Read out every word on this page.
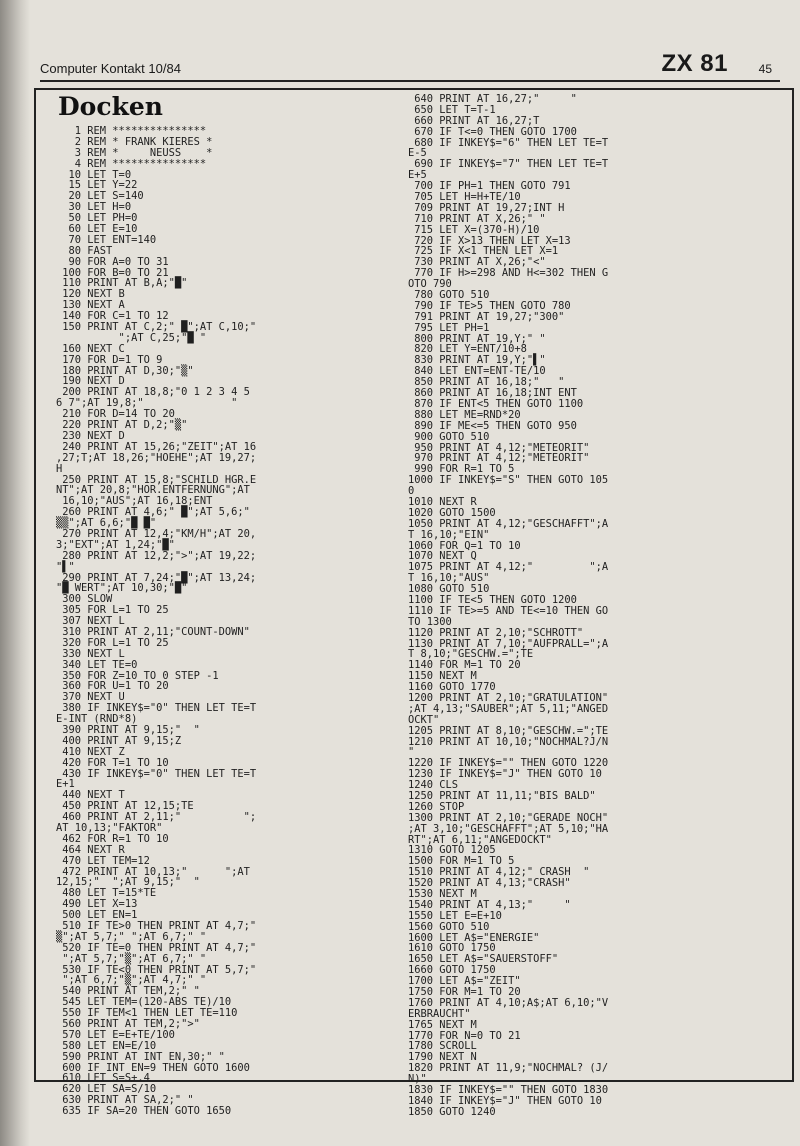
Computer Kontakt 10/84	ZX 81	45
Docken
1 REM ***************
2 REM * FRANK KIERES *
3 REM *     NEUSS    *
4 REM ***************
10 LET T=0
15 LET Y=22
20 LET S=140
30 LET H=0
50 LET PH=0
60 LET E=10
70 LET ENT=140
80 FAST
90 FOR A=0 TO 31
100 FOR B=0 TO 21
110 PRINT AT B,A;"█"
120 NEXT B
130 NEXT A
140 FOR C=1 TO 12
150 PRINT AT C,2;" █";AT C,10;"
";AT C,25;"█ "
160 NEXT C
170 FOR D=1 TO 9
180 PRINT AT D,30;"▒"
190 NEXT D
200 PRINT AT 18,8;"0 1 2 3 4 5
6 7";AT 19,8;"              "
210 FOR D=14 TO 20
220 PRINT AT D,2;"▒"
230 NEXT D
240 PRINT AT 15,26;"ZEIT";AT 16
,27;T;AT 18,26;"HOEHE";AT 19,27;
H
250 PRINT AT 15,8;"SCHILD HGR.E
NT";AT 20,8;"HOR.ENTFERNUNG";AT
16,10;"AUS";AT 16,18;ENT
260 PRINT AT 4,6;" █";AT 5,6;"
▒▒";AT 6,6;"█ █"
270 PRINT AT 12,4;"KM/H";AT 20,
3;"EXT";AT 1,24;"█"
280 PRINT AT 12,2;">";AT 19,22;
"▌"
290 PRINT AT 7,24;"█";AT 13,24;
"█ WERT";AT 10,30;"█"
300 SLOW
305 FOR L=1 TO 25
307 NEXT L
310 PRINT AT 2,11;"COUNT-DOWN"
320 FOR L=1 TO 25
330 NEXT L
340 LET TE=0
350 FOR Z=10 TO 0 STEP -1
360 FOR U=1 TO 20
370 NEXT U
380 IF INKEY$="0" THEN LET TE=T
E-INT (RND*8)
390 PRINT AT 9,15;"  "
400 PRINT AT 9,15;Z
410 NEXT Z
420 FOR T=1 TO 10
430 IF INKEY$="0" THEN LET TE=T
E+1
440 NEXT T
450 PRINT AT 12,15;TE
460 PRINT AT 2,11;"          ";
AT 10,13;"FAKTOR"
462 FOR R=1 TO 10
464 NEXT R
470 LET TEM=12
472 PRINT AT 10,13;"      ";AT
12,15;"  ";AT 9,15;"  "
480 LET T=15*TE
490 LET X=13
500 LET EN=1
510 IF TE>0 THEN PRINT AT 4,7;"
▒";AT 5,7;" ";AT 6,7;" "
520 IF TE=0 THEN PRINT AT 4,7;"
";AT 5,7;"▒";AT 6,7;" "
530 IF TE<0 THEN PRINT AT 5,7;"
";AT 6,7;"▒";AT 4,7;" "
540 PRINT AT TEM,2;" "
545 LET TEM=(120-ABS TE)/10
550 IF TEM<1 THEN LET TE=110
560 PRINT AT TEM,2;">"
570 LET E=E+TE/100
580 LET EN=E/10
590 PRINT AT INT EN,30;" "
600 IF INT EN=9 THEN GOTO 1600
610 LET S=S+.4
620 LET SA=S/10
630 PRINT AT SA,2;" "
635 IF SA=20 THEN GOTO 1650
640 PRINT AT 16,27;"     "
650 LET T=T-1
660 PRINT AT 16,27;T
670 IF T<=0 THEN GOTO 1700
680 IF INKEY$="6" THEN LET TE=T
E-5
690 IF INKEY$="7" THEN LET TE=T
E+5
700 IF PH=1 THEN GOTO 791
705 LET H=H+TE/10
709 PRINT AT 19,27;INT H
710 PRINT AT X,26;" "
715 LET X=(370-H)/10
720 IF X>13 THEN LET X=13
725 IF X<1 THEN LET X=1
730 PRINT AT X,26;"<"
770 IF H>=298 AND H<=302 THEN G
OTO 790
780 GOTO 510
790 IF TE>5 THEN GOTO 780
791 PRINT AT 19,27;"300"
795 LET PH=1
800 PRINT AT 19,Y;" "
820 LET Y=ENT/10+8
830 PRINT AT 19,Y;"▌"
840 LET ENT=ENT-TE/10
850 PRINT AT 16,18;"   "
860 PRINT AT 16,18;INT ENT
870 IF ENT<5 THEN GOTO 1100
880 LET ME=RND*20
890 IF ME<=5 THEN GOTO 950
900 GOTO 510
950 PRINT AT 4,12;"METEORIT"
970 PRINT AT 4,12;"METEORIT"
990 FOR R=1 TO 5
1000 IF INKEY$="S" THEN GOTO 105
0
1010 NEXT R
1020 GOTO 1500
1050 PRINT AT 4,12;"GESCHAFFT";A
T 16,10;"EIN"
1060 FOR Q=1 TO 10
1070 NEXT Q
1075 PRINT AT 4,12;"         ";A
T 16,10;"AUS"
1080 GOTO 510
1100 IF TE<5 THEN GOTO 1200
1110 IF TE>=5 AND TE<=10 THEN GO
TO 1300
1120 PRINT AT 2,10;"SCHROTT"
1130 PRINT AT 7,10;"AUFPRALL=";A
T 8,10;"GESCHW.=";TE
1140 FOR M=1 TO 20
1150 NEXT M
1160 GOTO 1770
1200 PRINT AT 2,10;"GRATULATION"
;AT 4,13;"SAUBER";AT 5,11;"ANGED
OCKT"
1205 PRINT AT 8,10;"GESCHW.=";TE
1210 PRINT AT 10,10;"NOCHMAL?J/N
"
1220 IF INKEY$="" THEN GOTO 1220
1230 IF INKEY$="J" THEN GOTO 10
1240 CLS
1250 PRINT AT 11,11;"BIS BALD"
1260 STOP
1300 PRINT AT 2,10;"GERADE NOCH"
;AT 3,10;"GESCHAFFT";AT 5,10;"HA
RT";AT 6,11;"ANGEDOCKT"
1310 GOTO 1205
1500 FOR M=1 TO 5
1510 PRINT AT 4,12;" CRASH  "
1520 PRINT AT 4,13;"CRASH"
1530 NEXT M
1540 PRINT AT 4,13;"     "
1550 LET E=E+10
1560 GOTO 510
1600 LET A$="ENERGIE"
1610 GOTO 1750
1650 LET A$="SAUERSTOFF"
1660 GOTO 1750
1700 LET A$="ZEIT"
1750 FOR M=1 TO 20
1760 PRINT AT 4,10;A$;AT 6,10;"V
ERBRAUCHT"
1765 NEXT M
1770 FOR N=0 TO 21
1780 SCROLL
1790 NEXT N
1820 PRINT AT 11,9;"NOCHMAL? (J/
N)"
1830 IF INKEY$="" THEN GOTO 1830
1840 IF INKEY$="J" THEN GOTO 10
1850 GOTO 1240
